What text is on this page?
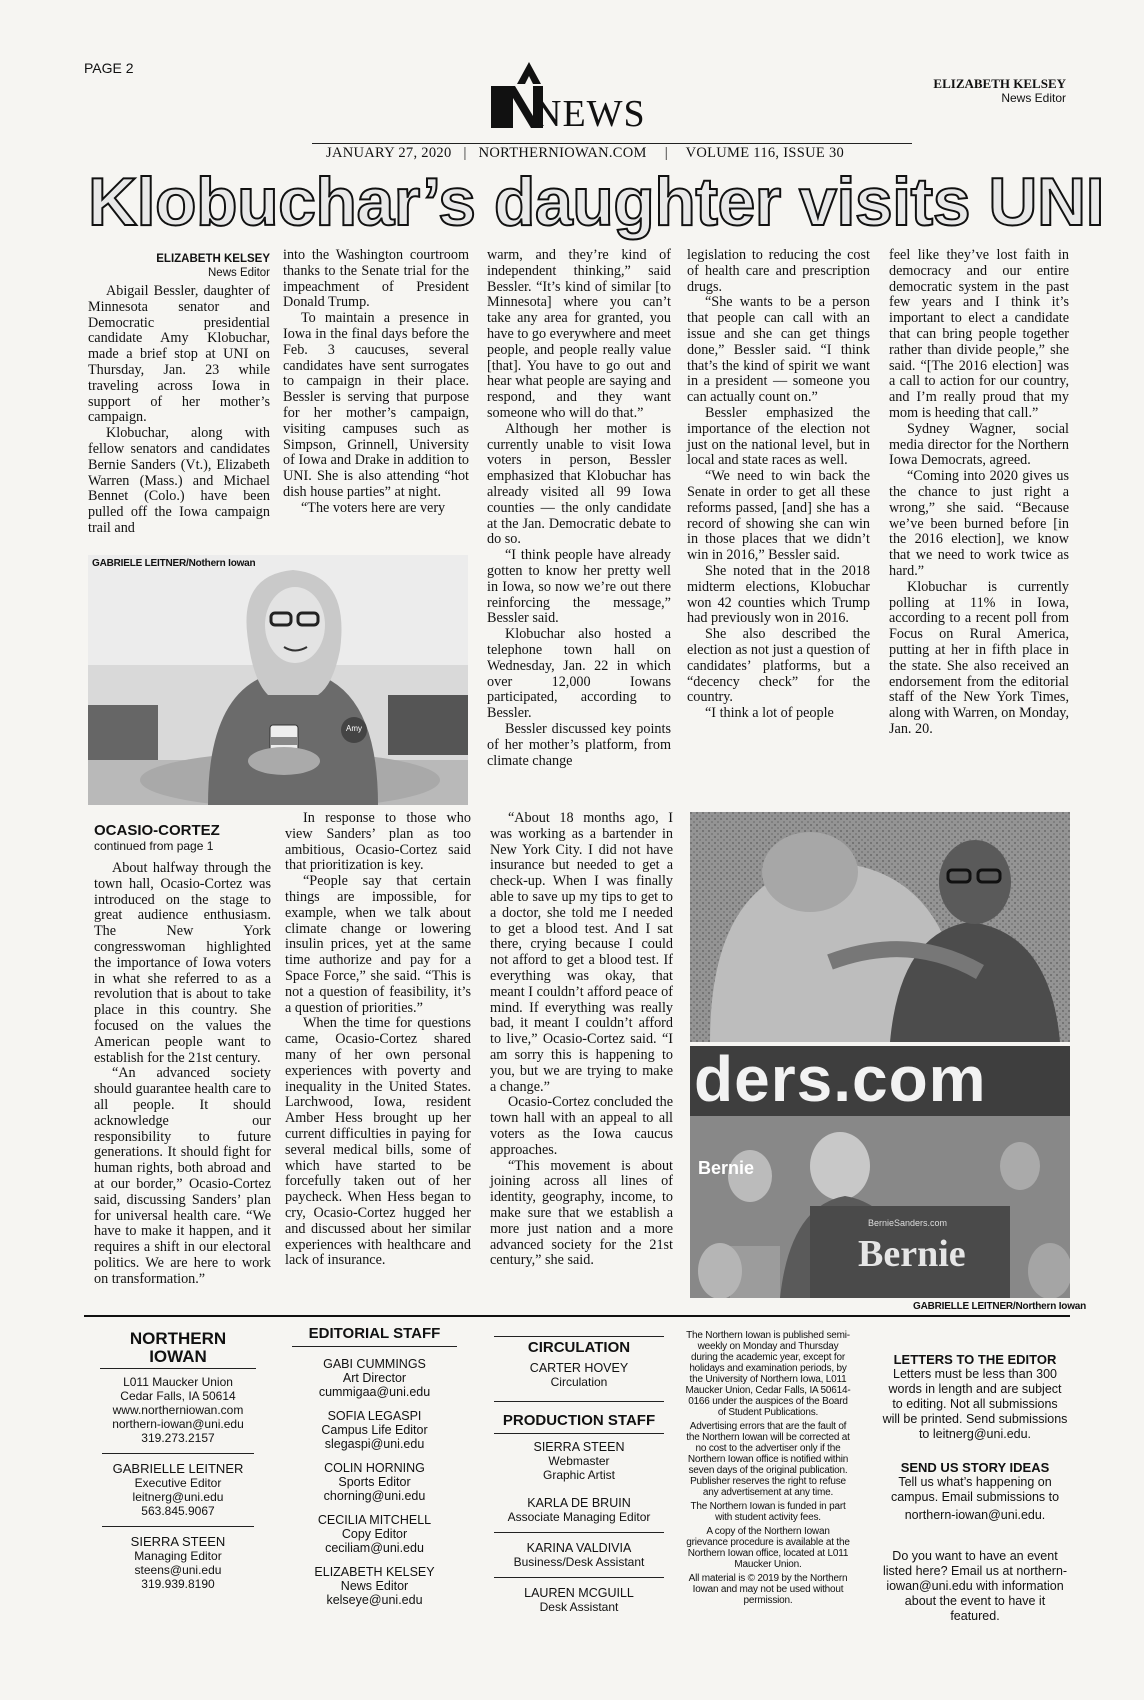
PAGE 2
NEWS
ELIZABETH KELSEY
News Editor
JANUARY 27, 2020 | NORTHERNIOWAN.COM | VOLUME 116, ISSUE 30
Klobuchar’s daughter visits UNI
ELIZABETH KELSEY
News Editor

Abigail Bessler, daughter of Minnesota senator and Democratic presidential candidate Amy Klobuchar, made a brief stop at UNI on Thursday, Jan. 23 while traveling across Iowa in support of her mother’s campaign.

Klobuchar, along with fellow senators and candidates Bernie Sanders (Vt.), Elizabeth Warren (Mass.) and Michael Bennet (Colo.) have been pulled off the Iowa campaign trail and

into the Washington courtroom thanks to the Senate trial for the impeachment of President Donald Trump.

To maintain a presence in Iowa in the final days before the Feb. 3 caucuses, several candidates have sent surrogates to campaign in their place. Bessler is serving that purpose for her mother’s campaign, visiting campuses such as Simpson, Grinnell, University of Iowa and Drake in addition to UNI. She is also attending “hot dish house parties” at night.

“The voters here are very

warm, and they’re kind of independent thinking,” said Bessler. “It’s kind of similar [to Minnesota] where you can’t take any area for granted, you have to go everywhere and meet people, and people really value [that]. You have to go out and hear what people are saying and respond, and they want someone who will do that.”

Although her mother is currently unable to visit Iowa voters in person, Bessler emphasized that Klobuchar has already visited all 99 Iowa counties — the only candidate at the Jan. Democratic debate to do so.

“I think people have already gotten to know her pretty well in Iowa, so now we’re out there reinforcing the message,” Bessler said.

Klobuchar also hosted a telephone town hall on Wednesday, Jan. 22 in which over 12,000 Iowans participated, according to Bessler.

Bessler discussed key points of her mother’s platform, from climate change

legislation to reducing the cost of health care and prescription drugs.

“She wants to be a person that people can call with an issue and she can get things done,” Bessler said. “I think that’s the kind of spirit we want in a president — someone you can actually count on.”

Bessler emphasized the importance of the election not just on the national level, but in local and state races as well.

“We need to win back the Senate in order to get all these reforms passed, [and] she has a record of showing she can win in those places that we didn’t win in 2016,” Bessler said.

She noted that in the 2018 midterm elections, Klobuchar won 42 counties which Trump had previously won in 2016.

She also described the election as not just a question of candidates’ platforms, but a “decency check” for the country.

“I think a lot of people

feel like they’ve lost faith in democracy and our entire democratic system in the past few years and I think it’s important to elect a candidate that can bring people together rather than divide people,” she said. “[The 2016 election] was a call to action for our country, and I’m really proud that my mom is heeding that call.”

Sydney Wagner, social media director for the Northern Iowa Democrats, agreed.

“Coming into 2020 gives us the chance to just right a wrong,” she said. “Because we’ve been burned before [in the 2016 election], we know that we need to work twice as hard.”

Klobuchar is currently polling at 11% in Iowa, according to a recent poll from Focus on Rural America, putting at her in fifth place in the state. She also received an endorsement from the editorial staff of the New York Times, along with Warren, on Monday, Jan. 20.

GABRIELE LEITNER/Nothern Iowan
Amy
OCASIO-CORTEZ
continued from page 1

About halfway through the town hall, Ocasio-Cortez was introduced on the stage to great audience enthusiasm. The New York congresswoman highlighted the importance of Iowa voters in what she referred to as a revolution that is about to take place in this country. She focused on the values the American people want to establish for the 21st century.

“An advanced society should guarantee health care to all people. It should acknowledge our responsibility to future generations. It should fight for human rights, both abroad and at our border,” Ocasio-Cortez said, discussing Sanders’ plan for universal health care. “We have to make it happen, and it requires a shift in our electoral politics. We are here to work on transformation.”

In response to those who view Sanders’ plan as too ambitious, Ocasio-Cortez said that prioritization is key.

“People say that certain things are impossible, for example, when we talk about climate change or lowering insulin prices, yet at the same time authorize and pay for a Space Force,” she said. “This is not a question of feasibility, it’s a question of priorities.”

When the time for questions came, Ocasio-Cortez shared many of her own personal experiences with poverty and inequality in the United States. Larchwood, Iowa, resident Amber Hess brought up her current difficulties in paying for several medical bills, some of which have started to be forcefully taken out of her paycheck. When Hess began to cry, Ocasio-Cortez hugged her and discussed about her similar experiences with healthcare and lack of insurance.

“About 18 months ago, I was working as a bartender in New York City. I did not have insurance but needed to get a check-up. When I was finally able to save up my tips to get to a doctor, she told me I needed to get a blood test. And I sat there, crying because I could not afford to get a blood test. If everything was okay, that meant I couldn’t afford peace of mind. If everything was really bad, it meant I couldn’t afford to live,” Ocasio-Cortez said. “I am sorry this is happening to you, but we are trying to make a change.”

Ocasio-Cortez concluded the town hall with an appeal to all voters as the Iowa caucus approaches.

“This movement is about joining across all lines of identity, geography, income, to make sure that we establish a more just nation and a more advanced society for the 21st century,” she said.

ders.com
Bernie
BernieSanders.com
Bernie
GABRIELLE LEITNER/Northern Iowan
NORTHERN IOWAN
L011 Maucker Union
Cedar Falls, IA 50614
www.northerniowan.com
northern-iowan@uni.edu
319.273.2157
GABRIELLE LEITNER
Executive Editor
leitnerg@uni.edu
563.845.9067
SIERRA STEEN
Managing Editor
steens@uni.edu
319.939.8190
EDITORIAL STAFF
GABI CUMMINGS
Art Director
cummigaa@uni.edu
SOFIA LEGASPI
Campus Life Editor
slegaspi@uni.edu
COLIN HORNING
Sports Editor
chorning@uni.edu
CECILIA MITCHELL
Copy Editor
ceciliam@uni.edu
ELIZABETH KELSEY
News Editor
kelseye@uni.edu
CIRCULATION
CARTER HOVEY
Circulation
PRODUCTION STAFF
SIERRA STEEN
Webmaster
Graphic Artist
KARLA DE BRUIN
Associate Managing Editor
KARINA VALDIVIA
Business/Desk Assistant
LAUREN MCGUILL
Desk Assistant
The Northern Iowan is published semi-weekly on Monday and Thursday during the academic year, except for holidays and examination periods, by the University of Northern Iowa, L011 Maucker Union, Cedar Falls, IA 50614-0166 under the auspices of the Board of Student Publications.
Advertising errors that are the fault of the Northern Iowan will be corrected at no cost to the advertiser only if the Northern Iowan office is notified within seven days of the original publication. Publisher reserves the right to refuse any advertisement at any time.
The Northern Iowan is funded in part with student activity fees.
A copy of the Northern Iowan grievance procedure is available at the Northern Iowan office, located at L011 Maucker Union.
All material is © 2019 by the Northern Iowan and may not be used without permission.
LETTERS TO THE EDITOR
Letters must be less than 300 words in length and are subject to editing. Not all submissions will be printed. Send submissions to leitnerg@uni.edu.
SEND US STORY IDEAS
Tell us what’s happening on campus. Email submissions to
northern-iowan@uni.edu.
Do you want to have an event listed here? Email us at northern-iowan@uni.edu with information about the event to have it featured.
